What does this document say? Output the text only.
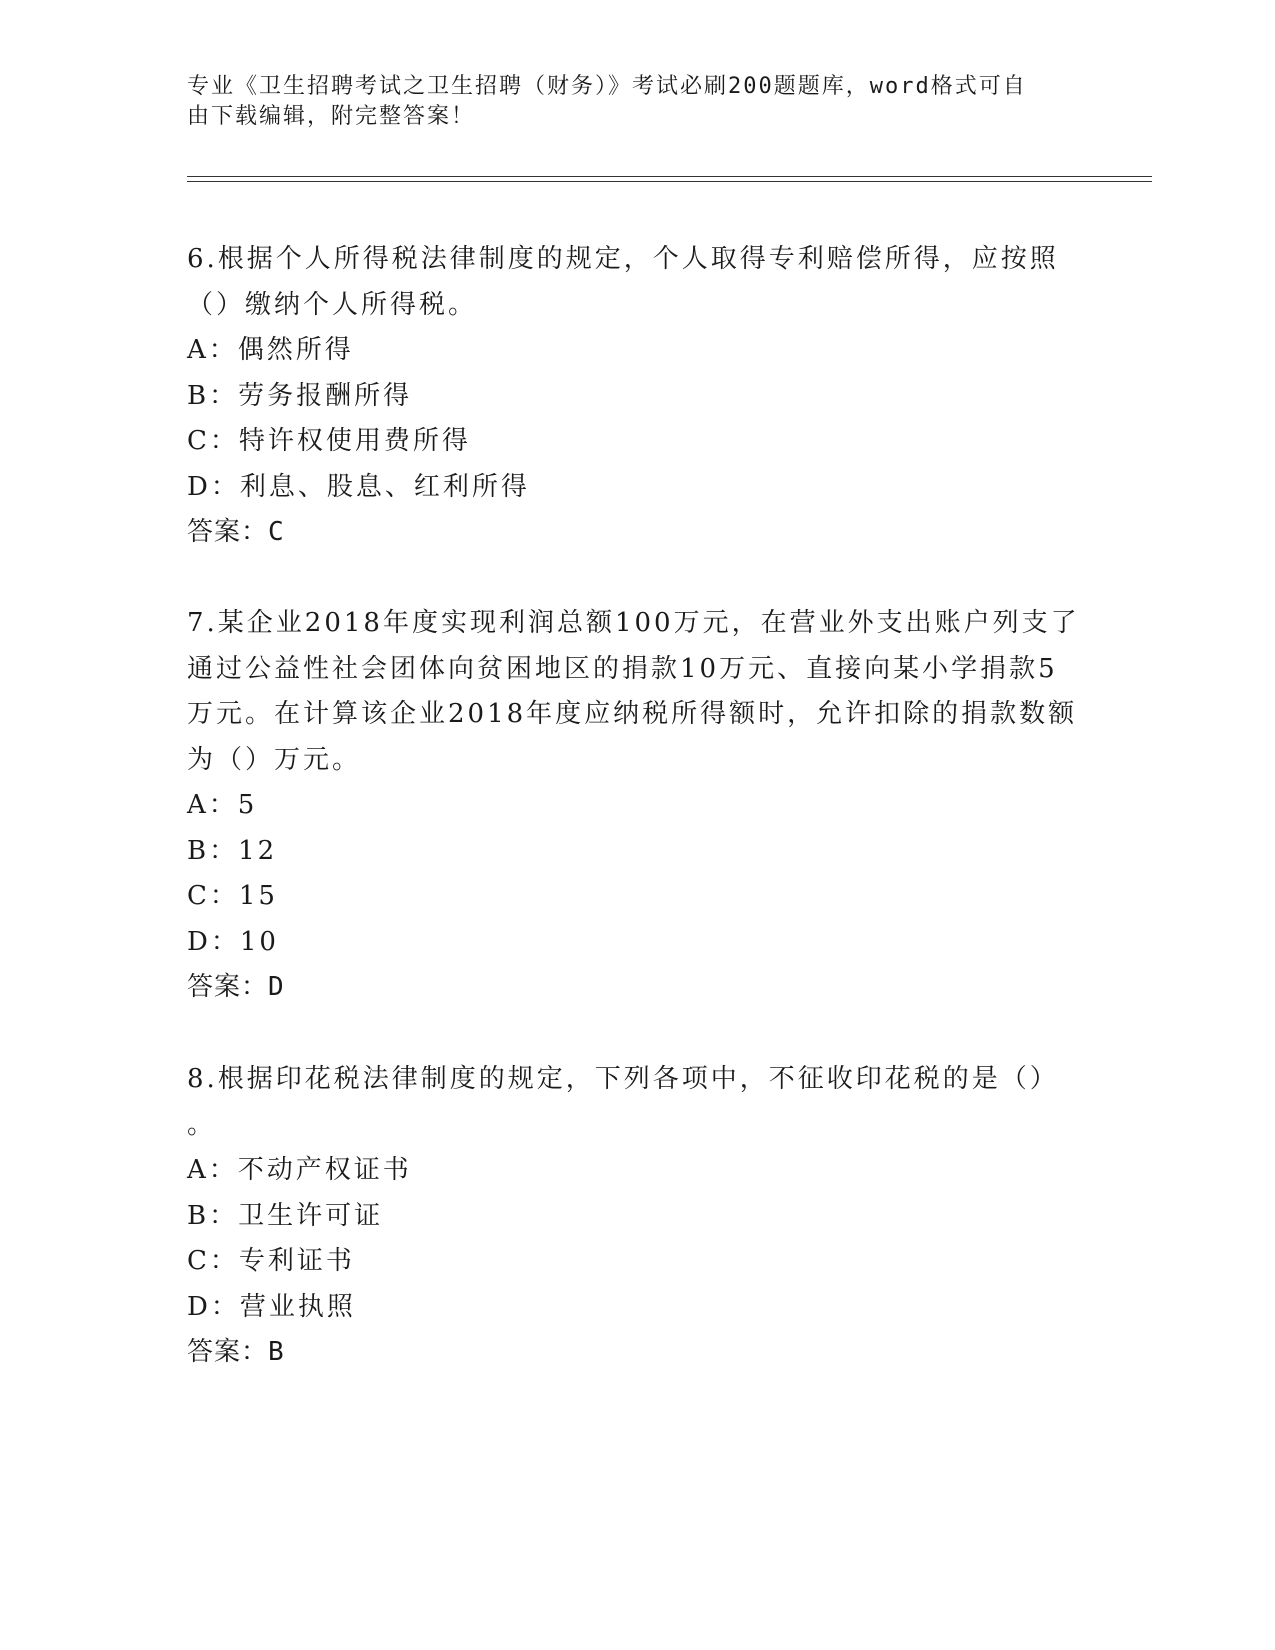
专业《卫生招聘考试之卫生招聘（财务）》考试必刷200题题库，word格式可自
由下载编辑，附完整答案！

6.根据个人所得税法律制度的规定，个人取得专利赔偿所得，应按照

（）缴纳个人所得税。

A：偶然所得

B：劳务报酬所得

C：特许权使用费所得

D：利息、股息、红利所得

答案：C

7.某企业2018年度实现利润总额100万元，在营业外支出账户列支了

通过公益性社会团体向贫困地区的捐款10万元、直接向某小学捐款5

万元。在计算该企业2018年度应纳税所得额时，允许扣除的捐款数额

为（）万元。

A：5

B：12

C：15

D：10

答案：D

8.根据印花税法律制度的规定，下列各项中，不征收印花税的是（）

。

A：不动产权证书

B：卫生许可证

C：专利证书

D：营业执照

答案：B
